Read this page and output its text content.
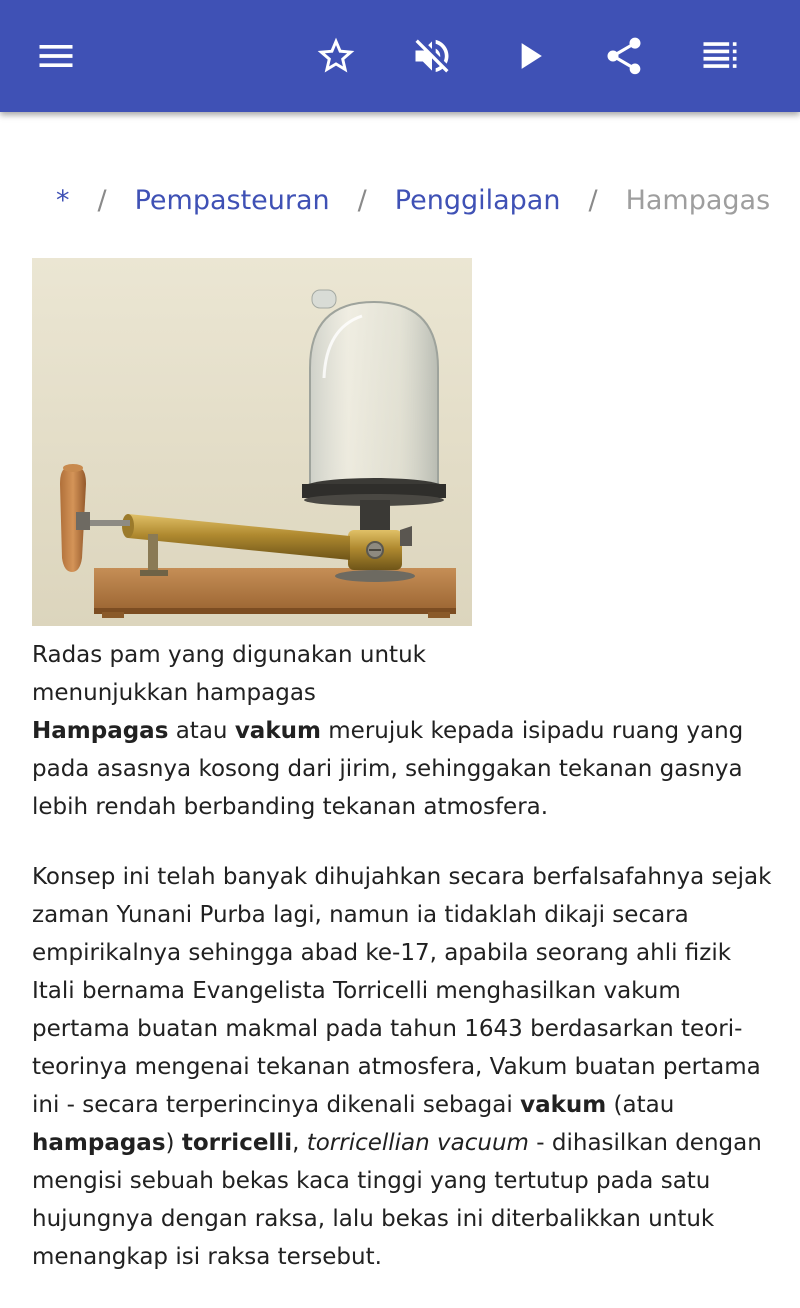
* / Pempasteuran / Penggilapan / Hampagas
Radas pam yang digunakan untuk menunjukkan hampagas

Hampagas atau vakum merujuk kepada isipadu ruang yang pada asasnya kosong dari jirim, sehinggakan tekanan gasnya lebih rendah berbanding tekanan atmosfera.

Konsep ini telah banyak dihujahkan secara berfalsafahnya sejak zaman Yunani Purba lagi, namun ia tidaklah dikaji secara empirikalnya sehingga abad ke-17, apabila seorang ahli fizik Itali bernama Evangelista Torricelli menghasilkan vakum pertama buatan makmal pada tahun 1643 berdasarkan teori-teorinya mengenai tekanan atmosfera, Vakum buatan pertama ini - secara terperincinya dikenali sebagai vakum (atau hampagas) torricelli, torricellian vacuum - dihasilkan dengan mengisi sebuah bekas kaca tinggi yang tertutup pada satu hujungnya dengan raksa, lalu bekas ini diterbalikkan untuk menangkap isi raksa tersebut.
